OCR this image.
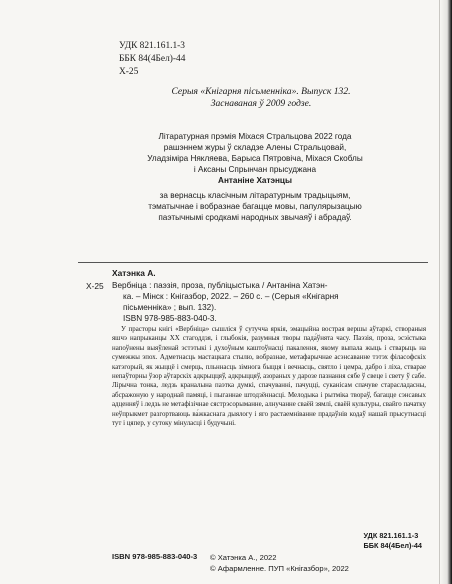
УДК 821.161.1-3
ББК 84(4Бел)-44
Х-25
Серыя «Кнігарня пісьменніка». Выпуск 132.
Заснаваная ў 2009 годзе.
Літаратурная прэмія Міхася Стральцова 2022 года
рашэннем журы ў складзе Алены Стральцовай,
Уладзіміра Някляева, Барыса Пятровіча, Міхася Скоблы
і Аксаны Спрынчан прысуджана
Антаніне Хатэнцы
за вернасць класічным літаратурным традыцыям,
тэматычнае і вобразнае багацце мовы, папулярызацыю
паэтычнымі сродкамі народных звычаяў і абрадаў.
Хатэнка А.
Х-25 Вербніца : паэзія, проза, публіцыстыка / Антаніна Хатэн-
ка. – Мінск : Кнігазбор, 2022. – 260 с. – (Серыя «Кнігарня
пісьменніка» ; вып. 132).
ISBN 978-985-883-040-3.

У прасторы кнігі «Вербніца» сышліся ў сутучча яркія, эмацыйна вострая вершы аўтаркі, створаныя яшчэ напрыканцы XX стагоддзя, і глыбокія, разумныя творы пада́ўнята часу. Паэзія, проза, эсэістыка напоўнены выяўленай эстэтыкі і духоўным каштоўнасці пакалення, якому выпала жыць і стварыць на сумежжы эпох. Адметнасць мастацкага стылю, вобразнае, метафарычнае асэнсаванне тэтэх філасофскіх катэгорый, як жыццё і смерць, пльннасць зімнога быцця і вечнасць, святло і цемра, дабро і ліха, стварае непаўторны ўзор аўтарскіх адкрыццяў, адкрыццяў, азораных у дарозе пазнання сябе ў свеце і свету ў сабе. Лірычна тонка, ледзь краналына паэтка думкі, спачуванні, пачуцці, суканісам спачуве старасладасны, абсражоную у народнай памяці, і пыганнае штодзённасці. Мелодыка і рытміка твораў, багацце сэнсавых адценняў і ледзь не метафізічнае сястрэсорыманне, алнучанне сваёй зямлі, сваёй культуры, свайго пачатку неўпрыкмет разгортваюць ва́жкаснага дыялогу і яго растаемніванне прадаўнів кодаў нашай прысутнасці тут і цяпер, у сутоку мінуласці і будучыні.

УДК 821.161.1-3
ББК 84(4Бел)-44
ISBN 978-985-883-040-3 © Хатэнка А., 2022
© Афармленне. ПУП «Кнігазбор», 2022
